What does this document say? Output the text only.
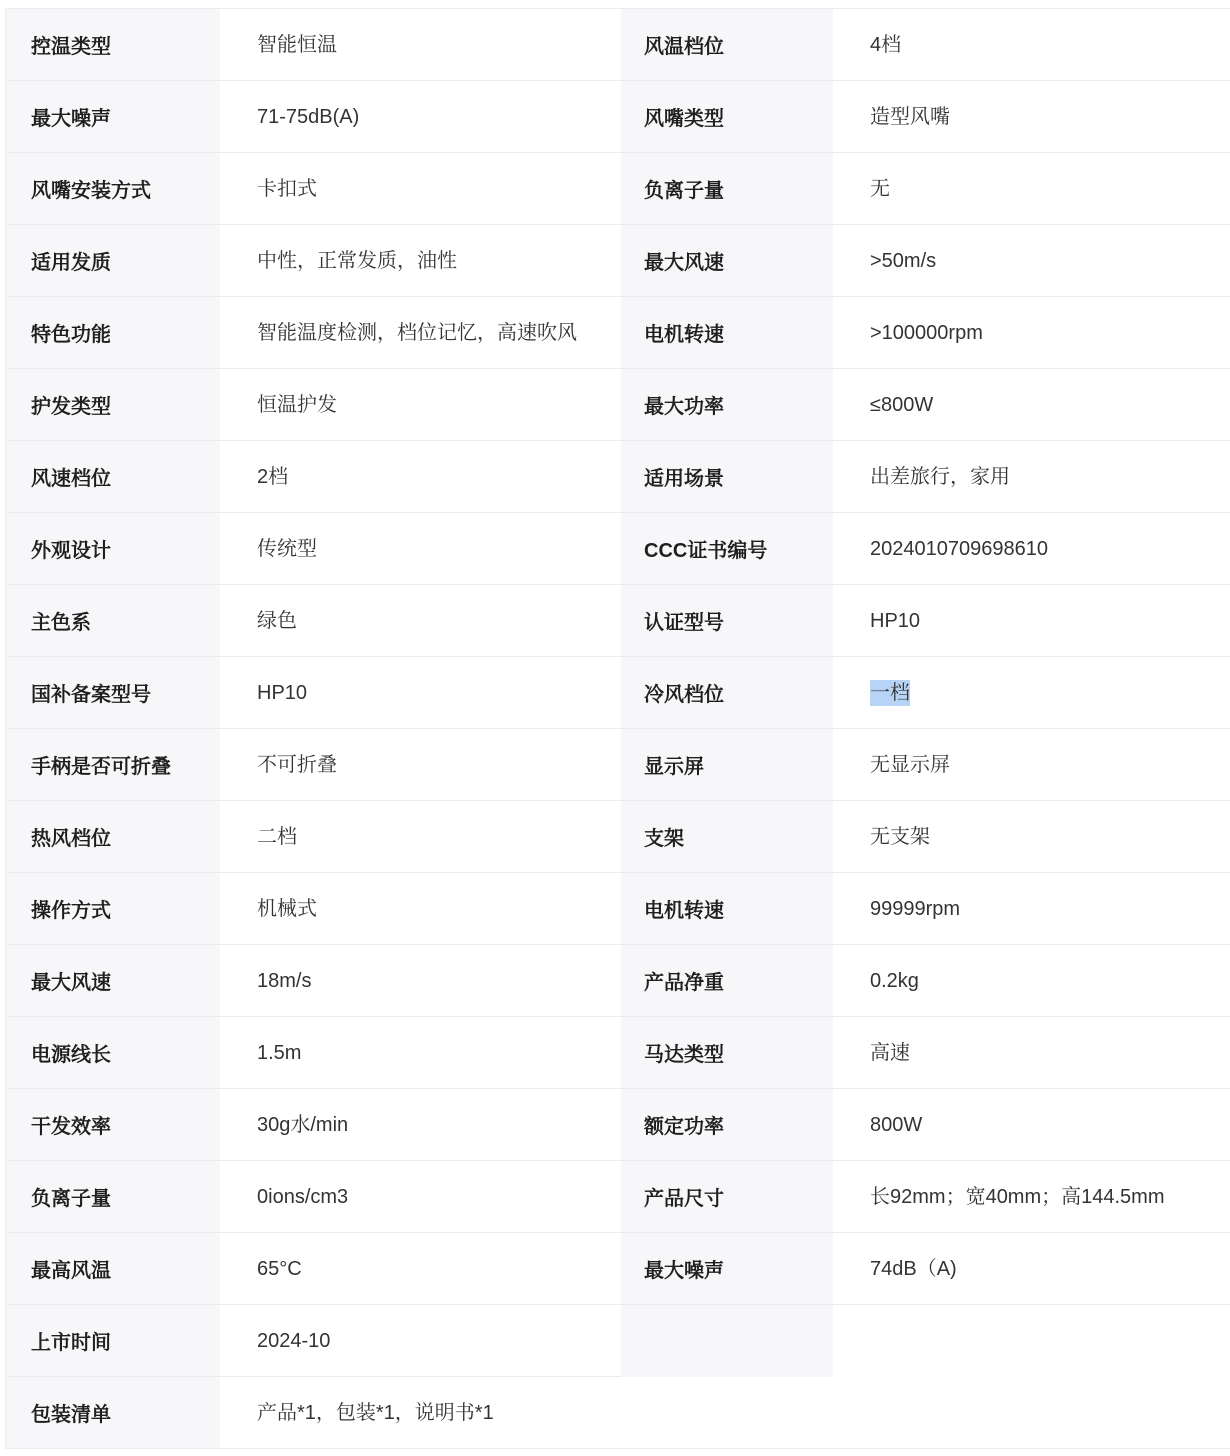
控温类型	智能恒温	风温档位	4档
最大噪声	71-75dB(A)	风嘴类型	造型风嘴
风嘴安装方式	卡扣式	负离子量	无
适用发质	中性，正常发质，油性	最大风速	>50m/s
特色功能	智能温度检测，档位记忆，高速吹风	电机转速	>100000rpm
护发类型	恒温护发	最大功率	≤800W
风速档位	2档	适用场景	出差旅行，家用
外观设计	传统型	CCC证书编号	2024010709698610
主色系	绿色	认证型号	HP10
国补备案型号	HP10	冷风档位	一档
手柄是否可折叠	不可折叠	显示屏	无显示屏
热风档位	二档	支架	无支架
操作方式	机械式	电机转速	99999rpm
最大风速	18m/s	产品净重	0.2kg
电源线长	1.5m	马达类型	高速
干发效率	30g水/min	额定功率	800W
负离子量	0ions/cm3	产品尺寸	长92mm；宽40mm；高144.5mm
最高风温	65°C	最大噪声	74dB（A)
上市时间	2024-10
包装清单	产品*1，包装*1，说明书*1
